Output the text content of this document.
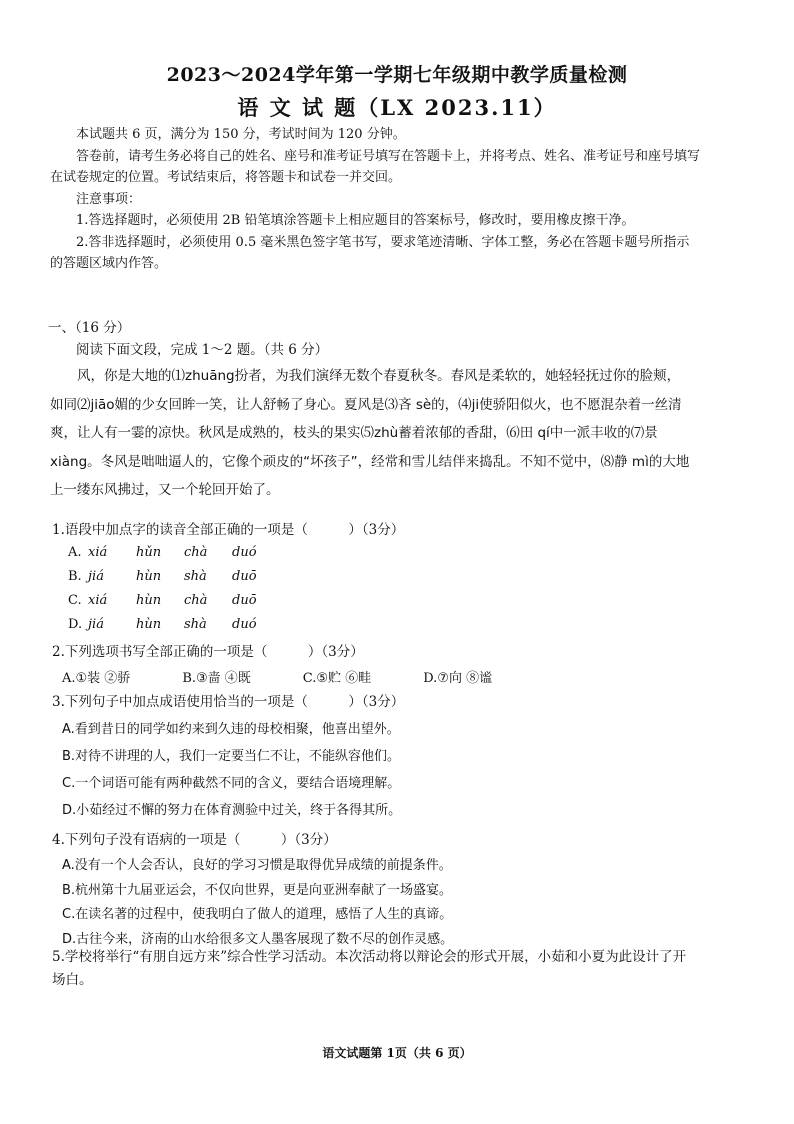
2023～2024学年第一学期七年级期中教学质量检测
语 文 试 题（LX 2023.11）

本试题共 6 页，满分为 150 分，考试时间为 120 分钟。

答卷前，请考生务必将自己的姓名、座号和准考证号填写在答题卡上，并将考点、姓名、准考证号和座号填写在试卷规定的位置。考试结束后，将答题卡和试卷一并交回。

注意事项：

1.答选择题时，必须使用 2B 铅笔填涂答题卡上相应题目的答案标号，修改时，要用橡皮擦干净。

2.答非选择题时，必须使用 0.5 毫米黑色签字笔书写，要求笔迹清晰、字体工整，务必在答题卡题号所指示的答题区域内作答。

一、（16 分）
阅读下面文段，完成 1～2 题。（共 6 分）

风，你是大地的⑴zhuāng扮者，为我们演绎无数个春夏秋冬。春风是柔软的，她轻轻抚过你的脸颊，如同⑵jiāo媚的少女回眸一笑，让人舒畅了身心。夏风是⑶吝 sè的，⑷ji使骄阳似火，也不愿混杂着一丝清爽，让人有一霎的凉快。秋风是成熟的，枝头的果实⑸zhù蓄着浓郁的香甜，⑹田 qí中一派丰收的⑺景 xiàng。冬风是咄咄逼人的，它像个顽皮的“坏孩子”，经常和雪儿结伴来捣乱。不知不觉中，⑻静 mì的大地上一缕东风拂过，又一个轮回开始了。

1.语段中加点字的读音全部正确的一项是（　　　）（3分）
A. xiá	hǔn	chà	duó
B. jiá	hùn	shà	duō
C. xiá	hùn	chà	duō
D. jiá	hùn	shà	duó
2.下列选项书写全部正确的一项是（　　　）（3分）
A.①装 ②骄	B.③啬 ④既	C.⑤贮 ⑥畦	D.⑦向 ⑧谧
3.下列句子中加点成语使用恰当的一项是（　　　）（3分）
A.看到昔日的同学如约来到久违的母校相聚，他喜出望外。
B.对待不讲理的人，我们一定要当仁不让，不能纵容他们。
C.一个词语可能有两种截然不同的含义，要结合语境理解。
D.小茹经过不懈的努力在体育测验中过关，终于各得其所。
4.下列句子没有语病的一项是（　　　）（3分）
A.没有一个人会否认，良好的学习习惯是取得优异成绩的前提条件。
B.杭州第十九届亚运会，不仅向世界，更是向亚洲奉献了一场盛宴。
C.在读名著的过程中，使我明白了做人的道理，感悟了人生的真谛。
D.古往今来，济南的山水给很多文人墨客展现了数不尽的创作灵感。
5.学校将举行“有朋自远方来”综合性学习活动。本次活动将以辩论会的形式开展，小茹和小夏为此设计了开场白。
语文试题第 1页（共 6 页）
